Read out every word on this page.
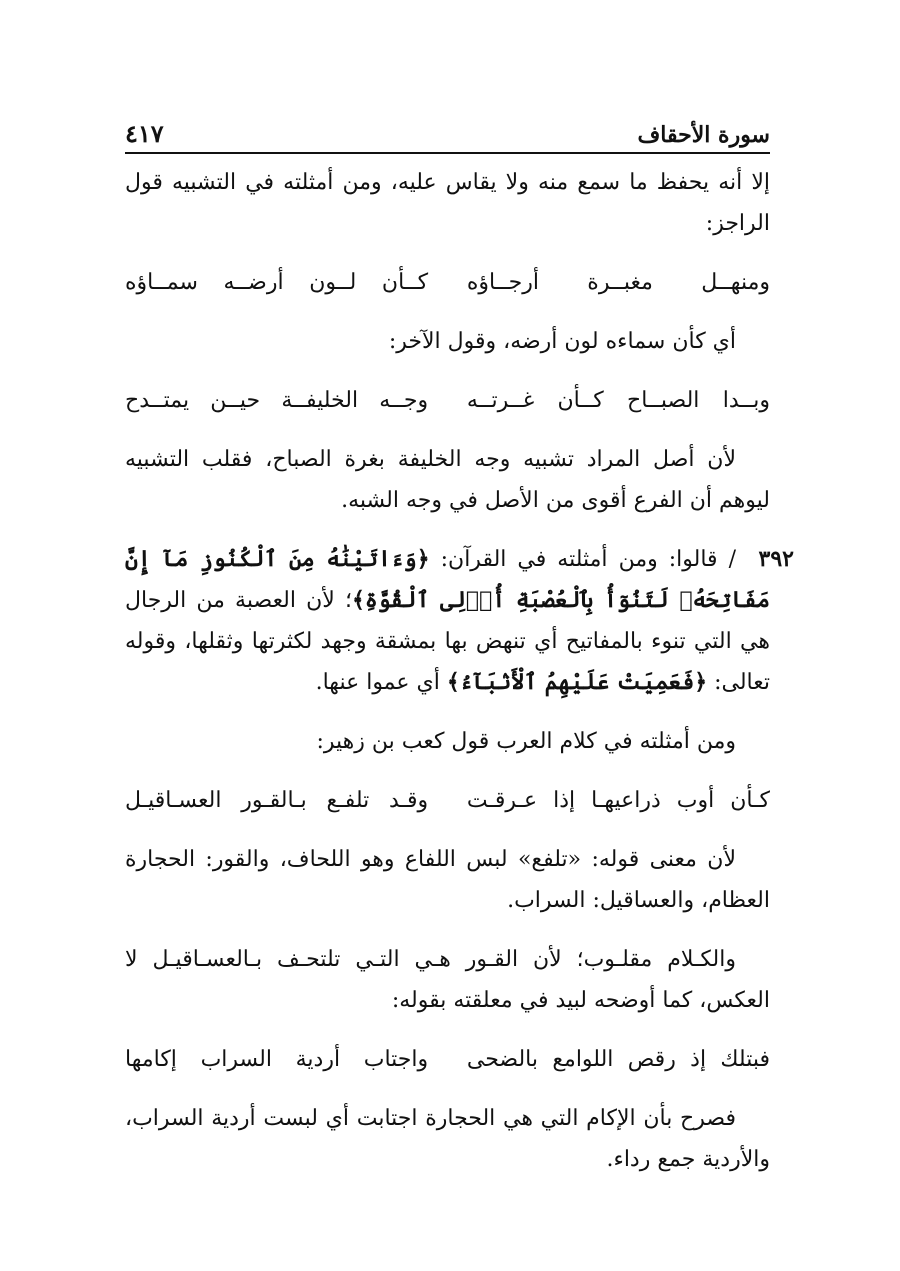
سورة الأحقاف
٤١٧

إلا أنه يحفظ ما سمع منه ولا يقاس عليه، ومن أمثلته في التشبيه قول الراجز:

ومنهــل مغبــرة أرجــاؤه
كــأن لــون أرضــه سمــاؤه

أي كأن سماءه لون أرضه، وقول الآخر:

وبــدا الصبــاح كــأن غــرتــه
وجــه الخليفــة حيــن يمتــدح

لأن أصل المراد تشبيه وجه الخليفة بغرة الصباح، فقلب التشبيه ليوهم أن الفرع أقوى من الأصل في وجه الشبه.

٣٩٢
/ قالوا: ومن أمثلته في القرآن: ﴿وَءَاتَيْنَٰهُ مِنَ ٱلْكُنُوزِ مَآ إِنَّ مَفَاتِحَهُۥ لَتَنُوٓأُ بِٱلْعُصْبَةِ أُو۟لِى ٱلْقُوَّةِ﴾؛ لأن العصبة من الرجال هي التي تنوء بالمفاتيح أي تنهض بها بمشقة وجهد لكثرتها وثقلها، وقوله تعالى: ﴿فَعَمِيَتْ عَلَيْهِمُ ٱلْأَنۢبَآءُ﴾ أي عموا عنها.

ومن أمثلته في كلام العرب قول كعب بن زهير:

كـأن أوب ذراعيهـا إذا عـرقـت
وقـد تلفـع بـالقـور العسـاقيـل

لأن معنى قوله: «تلفع» لبس اللفاع وهو اللحاف، والقور: الحجارة العظام، والعساقيل: السراب.

والكـلام مقلـوب؛ لأن القـور هـي التـي تلتحـف بـالعسـاقيـل لا العكس، كما أوضحه لبيد في معلقته بقوله:

فبتلك إذ رقص اللوامع بالضحى
واجتاب أردية السراب إكامها

فصرح بأن الإكام التي هي الحجارة اجتابت أي لبست أردية السراب، والأردية جمع رداء.
